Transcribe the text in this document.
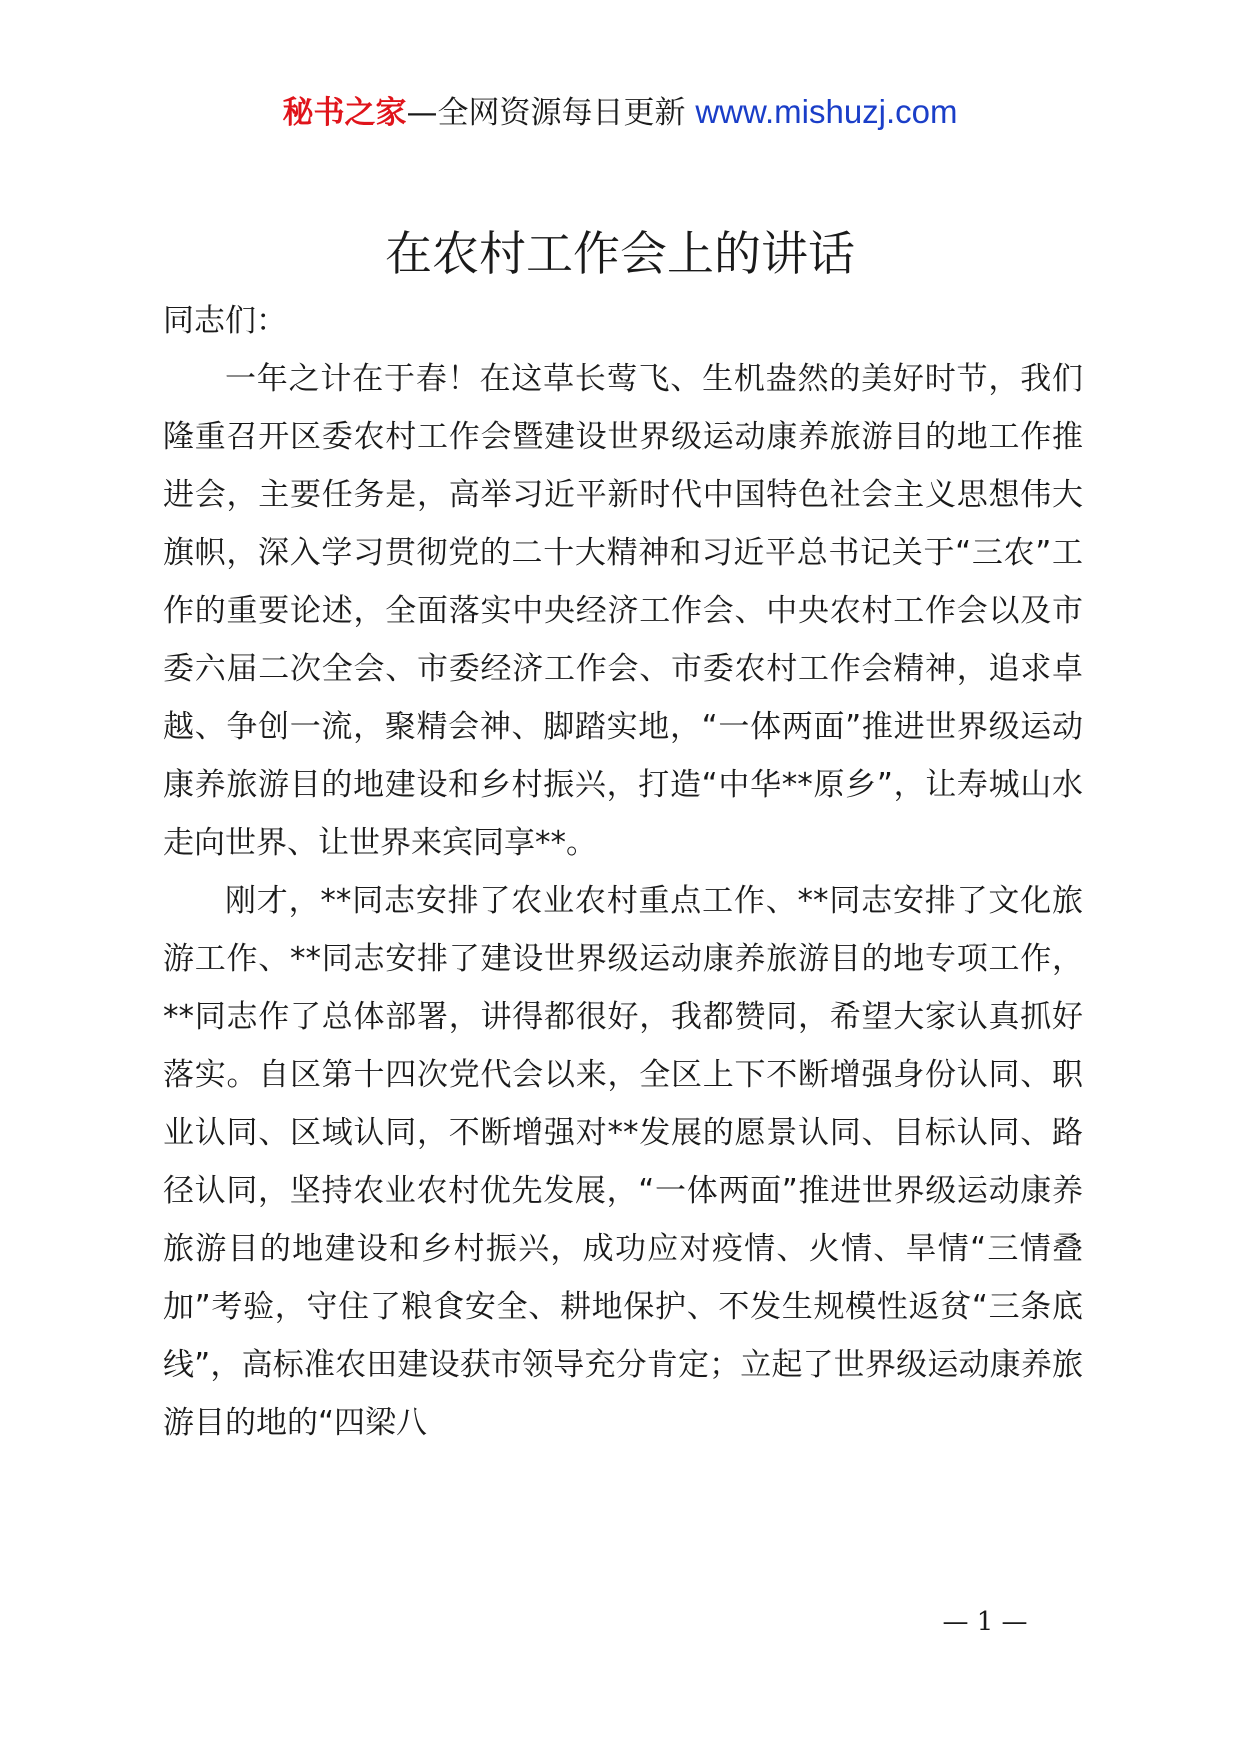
秘书之家—全网资源每日更新 www.mishuzj.com
在农村工作会上的讲话

同志们：

一年之计在于春！在这草长莺飞、生机盎然的美好时节，我们隆重召开区委农村工作会暨建设世界级运动康养旅游目的地工作推进会，主要任务是，高举习近平新时代中国特色社会主义思想伟大旗帜，深入学习贯彻党的二十大精神和习近平总书记关于“三农”工作的重要论述，全面落实中央经济工作会、中央农村工作会以及市委六届二次全会、市委经济工作会、市委农村工作会精神，追求卓越、争创一流，聚精会神、脚踏实地，“一体两面”推进世界级运动康养旅游目的地建设和乡村振兴，打造“中华**原乡”，让寿城山水走向世界、让世界来宾同享**。

刚才，**同志安排了农业农村重点工作、**同志安排了文化旅游工作、**同志安排了建设世界级运动康养旅游目的地专项工作，**同志作了总体部署，讲得都很好，我都赞同，希望大家认真抓好落实。自区第十四次党代会以来，全区上下不断增强身份认同、职业认同、区域认同，不断增强对**发展的愿景认同、目标认同、路径认同，坚持农业农村优先发展，“一体两面”推进世界级运动康养旅游目的地建设和乡村振兴，成功应对疫情、火情、旱情“三情叠加”考验，守住了粮食安全、耕地保护、不发生规模性返贫“三条底线”，高标准农田建设获市领导充分肯定；立起了世界级运动康养旅游目的地的“四梁八

— 1 —
